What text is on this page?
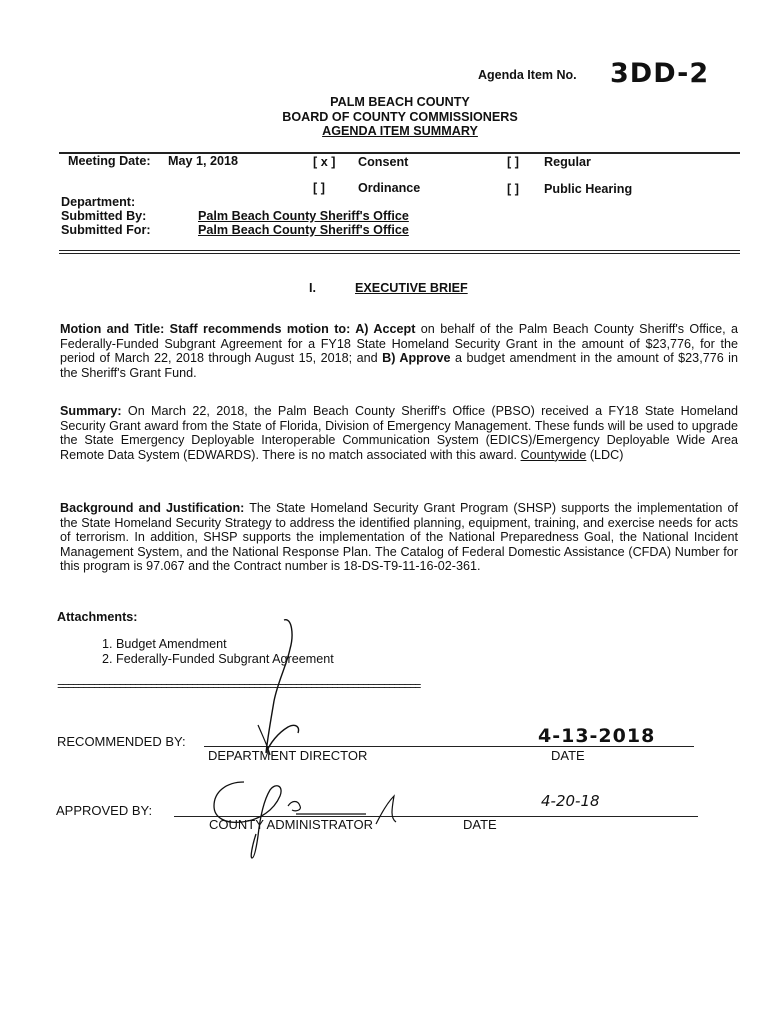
Agenda Item No. 3DD-2
PALM BEACH COUNTY
BOARD OF COUNTY COMMISSIONERS
AGENDA ITEM SUMMARY
Meeting Date: May 1, 2018	[ x ] Consent	[ ] Regular
[ ]	Ordinance	[ ] Public Hearing
Department:
Submitted By:	Palm Beach County Sheriff's Office
Submitted For:	Palm Beach County Sheriff's Office
I.	EXECUTIVE BRIEF
Motion and Title: Staff recommends motion to: A) Accept on behalf of the Palm Beach County Sheriff's Office, a Federally-Funded Subgrant Agreement for a FY18 State Homeland Security Grant in the amount of $23,776, for the period of March 22, 2018 through August 15, 2018; and B) Approve a budget amendment in the amount of $23,776 in the Sheriff's Grant Fund.
Summary: On March 22, 2018, the Palm Beach County Sheriff's Office (PBSO) received a FY18 State Homeland Security Grant award from the State of Florida, Division of Emergency Management. These funds will be used to upgrade the State Emergency Deployable Interoperable Communication System (EDICS)/Emergency Deployable Wide Area Remote Data System (EDWARDS). There is no match associated with this award. Countywide (LDC)
Background and Justification: The State Homeland Security Grant Program (SHSP) supports the implementation of the State Homeland Security Strategy to address the identified planning, equipment, training, and exercise needs for acts of terrorism. In addition, SHSP supports the implementation of the National Preparedness Goal, the National Incident Management System, and the National Response Plan. The Catalog of Federal Domestic Assistance (CFDA) Number for this program is 97.067 and the Contract number is 18-DS-T9-11-16-02-361.
Attachments:
1. Budget Amendment
2. Federally-Funded Subgrant Agreement
======================================================================
RECOMMENDED BY:
DEPARTMENT DIRECTOR	DATE
4-13-2018
APPROVED BY:
COUNTY ADMINISTRATOR	DATE
4-20-18
